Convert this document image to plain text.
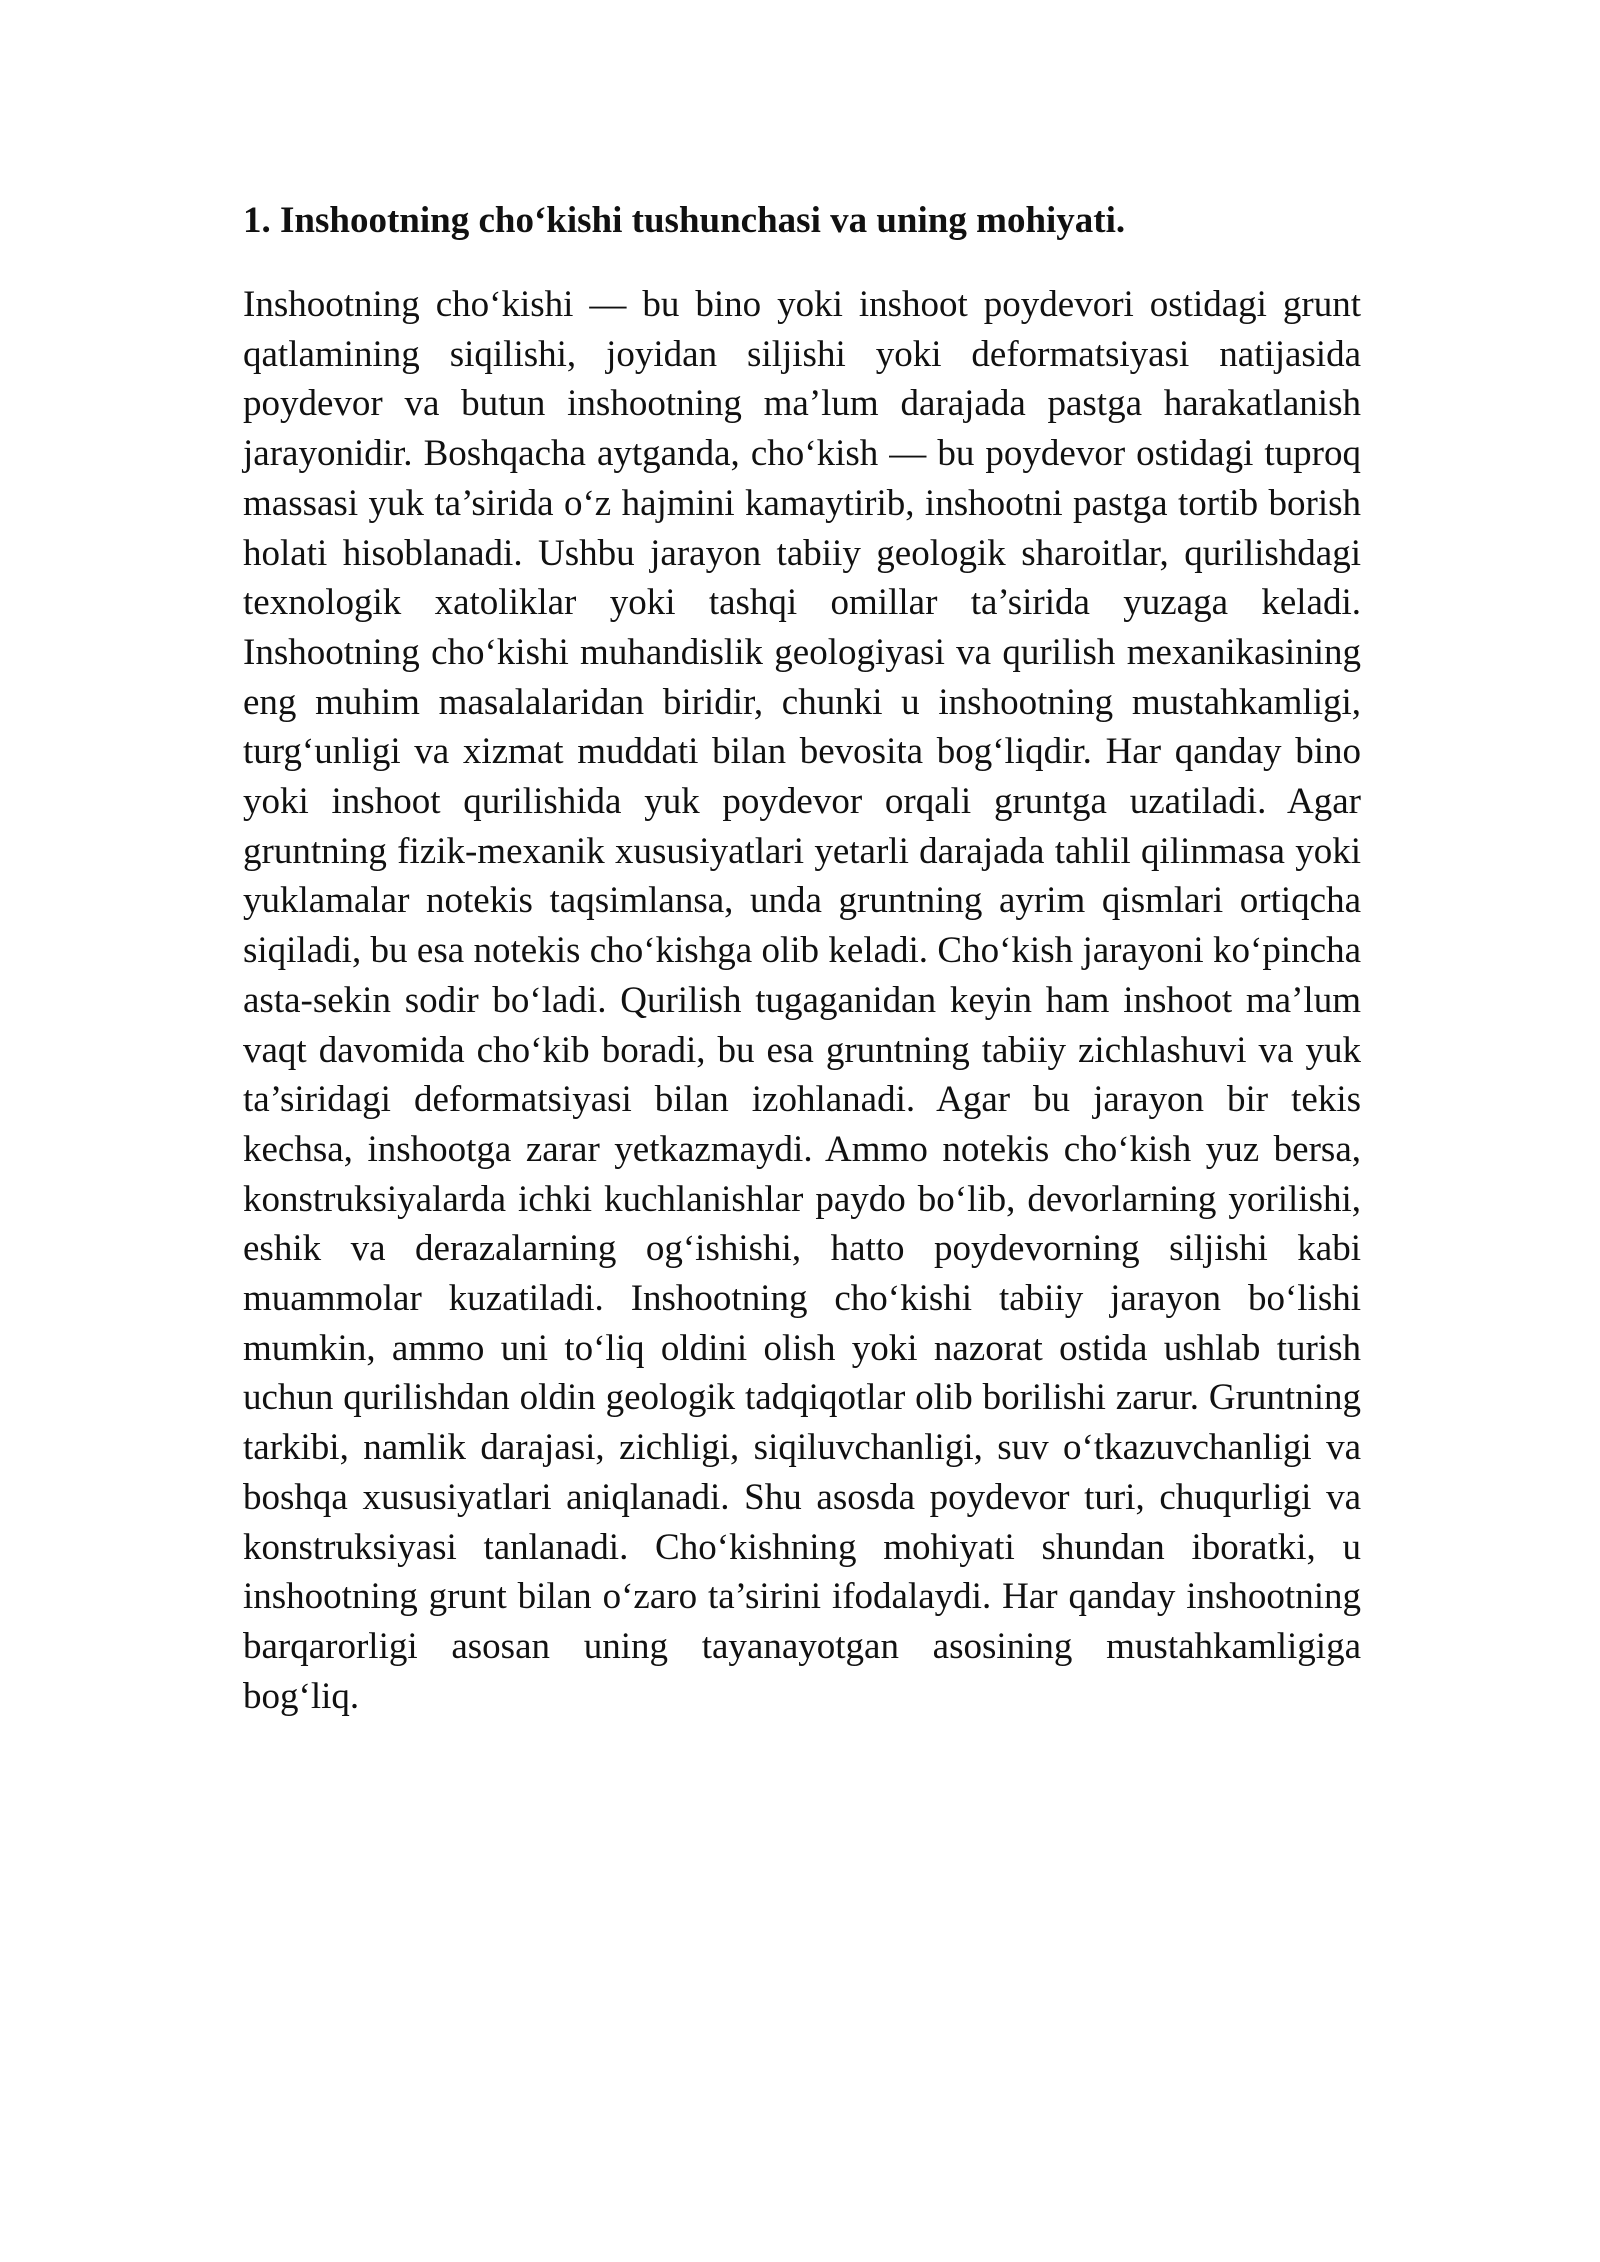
1. Inshootning cho‘kishi tushunchasi va uning mohiyati.

Inshootning cho‘kishi — bu bino yoki inshoot poydevori ostidagi grunt qatlamining siqilishi, joyidan siljishi yoki deformatsiyasi natijasida poydevor va butun inshootning ma’lum darajada pastga harakatlanish jarayonidir. Boshqacha aytganda, cho‘kish — bu poydevor ostidagi tuproq massasi yuk ta’sirida o‘z hajmini kamaytirib, inshootni pastga tortib borish holati hisoblanadi. Ushbu jarayon tabiiy geologik sharoitlar, qurilishdagi texnologik xatoliklar yoki tashqi omillar ta’sirida yuzaga keladi. Inshootning cho‘kishi muhandislik geologiyasi va qurilish mexanikasining eng muhim masalalaridan biridir, chunki u inshootning mustahkamligi, turg‘unligi va xizmat muddati bilan bevosita bog‘liqdir. Har qanday bino yoki inshoot qurilishida yuk poydevor orqali gruntga uzatiladi. Agar gruntning fizik-mexanik xususiyatlari yetarli darajada tahlil qilinmasa yoki yuklamalar notekis taqsimlansa, unda gruntning ayrim qismlari ortiqcha siqiladi, bu esa notekis cho‘kishga olib keladi. Cho‘kish jarayoni ko‘pincha asta-sekin sodir bo‘ladi. Qurilish tugaganidan keyin ham inshoot ma’lum vaqt davomida cho‘kib boradi, bu esa gruntning tabiiy zichlashuvi va yuk ta’siridagi deformatsiyasi bilan izohlanadi. Agar bu jarayon bir tekis kechsa, inshootga zarar yetkazmaydi. Ammo notekis cho‘kish yuz bersa, konstruksiyalarda ichki kuchlanishlar paydo bo‘lib, devorlarning yorilishi, eshik va derazalarning og‘ishishi, hatto poydevorning siljishi kabi muammolar kuzatiladi. Inshootning cho‘kishi tabiiy jarayon bo‘lishi mumkin, ammo uni to‘liq oldini olish yoki nazorat ostida ushlab turish uchun qurilishdan oldin geologik tadqiqotlar olib borilishi zarur. Gruntning tarkibi, namlik darajasi, zichligi, siqiluvchanligi, suv o‘tkazuvchanligi va boshqa xususiyatlari aniqlanadi. Shu asosda poydevor turi, chuqurligi va konstruksiyasi tanlanadi. Cho‘kishning mohiyati shundan iboratki, u inshootning grunt bilan o‘zaro ta’sirini ifodalaydi. Har qanday inshootning barqarorligi asosan uning tayanayotgan asosining mustahkamligiga bog‘liq.
